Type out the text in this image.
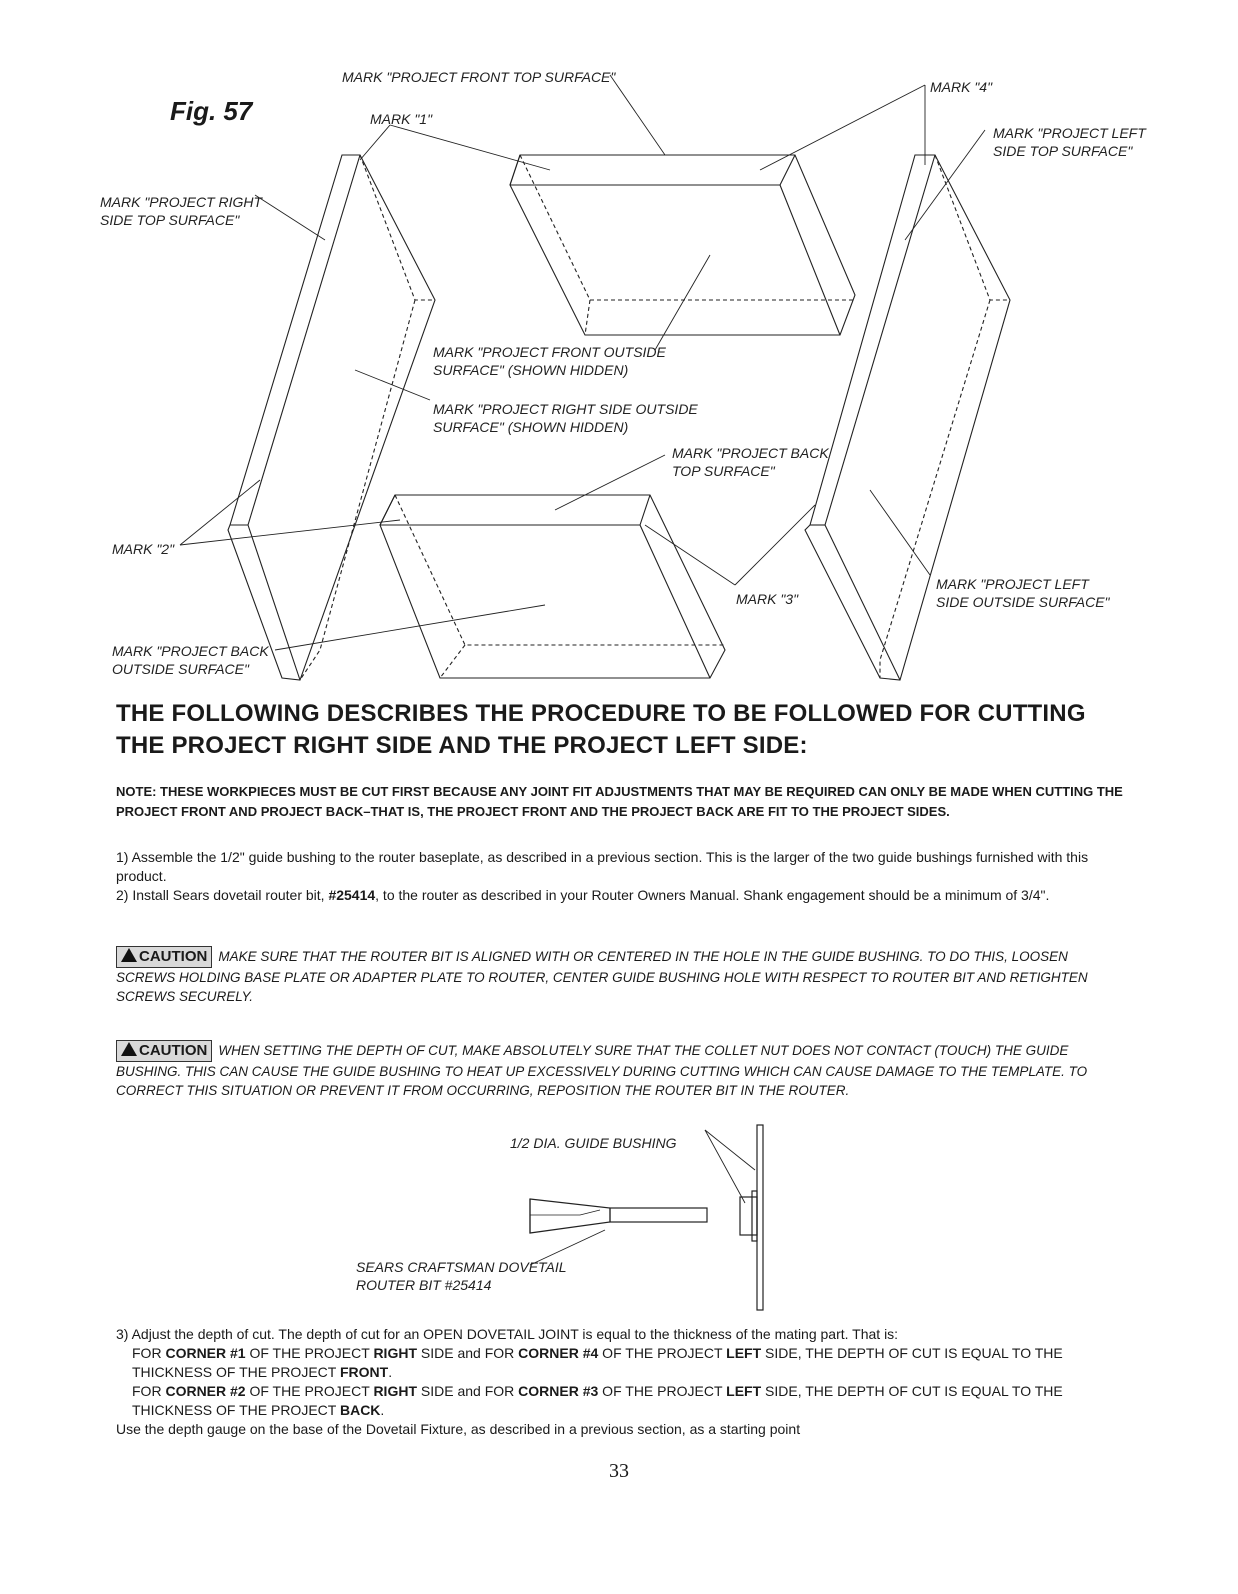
Fig. 57
MARK "PROJECT FRONT TOP SURFACE"
MARK "4"
MARK "1"
MARK "PROJECT LEFT
SIDE TOP SURFACE"
MARK "PROJECT RIGHT
SIDE TOP SURFACE"
MARK "PROJECT FRONT OUTSIDE
SURFACE" (SHOWN HIDDEN)
MARK "PROJECT RIGHT SIDE OUTSIDE
SURFACE" (SHOWN HIDDEN)
MARK "PROJECT BACK
TOP SURFACE"
MARK "2"
MARK "3"
MARK "PROJECT LEFT
SIDE OUTSIDE SURFACE"
MARK "PROJECT BACK
OUTSIDE SURFACE"
THE FOLLOWING DESCRIBES THE PROCEDURE TO BE FOLLOWED FOR CUTTING THE PROJECT RIGHT SIDE AND THE PROJECT LEFT SIDE:
NOTE: THESE WORKPIECES MUST BE CUT FIRST BECAUSE ANY JOINT FIT ADJUSTMENTS THAT MAY BE REQUIRED CAN ONLY BE MADE WHEN CUTTING THE PROJECT FRONT AND PROJECT BACK–THAT IS, THE PROJECT FRONT AND THE PROJECT BACK ARE FIT TO THE PROJECT SIDES.
1) Assemble the 1/2" guide bushing to the router baseplate, as described in a previous section. This is the larger of the two guide bushings furnished with this product.
2) Install Sears dovetail router bit, #25414, to the router as described in your Router Owners Manual. Shank engagement should be a minimum of 3/4".
CAUTION MAKE SURE THAT THE ROUTER BIT IS ALIGNED WITH OR CENTERED IN THE HOLE IN THE GUIDE BUSHING. TO DO THIS, LOOSEN SCREWS HOLDING BASE PLATE OR ADAPTER PLATE TO ROUTER, CENTER GUIDE BUSHING HOLE WITH RESPECT TO ROUTER BIT AND RETIGHTEN SCREWS SECURELY.
CAUTION WHEN SETTING THE DEPTH OF CUT, MAKE ABSOLUTELY SURE THAT THE COLLET NUT DOES NOT CONTACT (TOUCH) THE GUIDE BUSHING. THIS CAN CAUSE THE GUIDE BUSHING TO HEAT UP EXCESSIVELY DURING CUTTING WHICH CAN CAUSE DAMAGE TO THE TEMPLATE. TO CORRECT THIS SITUATION OR PREVENT IT FROM OCCURRING, REPOSITION THE ROUTER BIT IN THE ROUTER.
1/2 DIA. GUIDE BUSHING
SEARS CRAFTSMAN DOVETAIL
ROUTER BIT #25414
3) Adjust the depth of cut. The depth of cut for an OPEN DOVETAIL JOINT is equal to the thickness of the mating part. That is:
FOR CORNER #1 OF THE PROJECT RIGHT SIDE and FOR CORNER #4 OF THE PROJECT LEFT SIDE, THE DEPTH OF CUT IS EQUAL TO THE THICKNESS OF THE PROJECT FRONT.
FOR CORNER #2 OF THE PROJECT RIGHT SIDE and FOR CORNER #3 OF THE PROJECT LEFT SIDE, THE DEPTH OF CUT IS EQUAL TO THE THICKNESS OF THE PROJECT BACK.
Use the depth gauge on the base of the Dovetail Fixture, as described in a previous section, as a starting point
33
